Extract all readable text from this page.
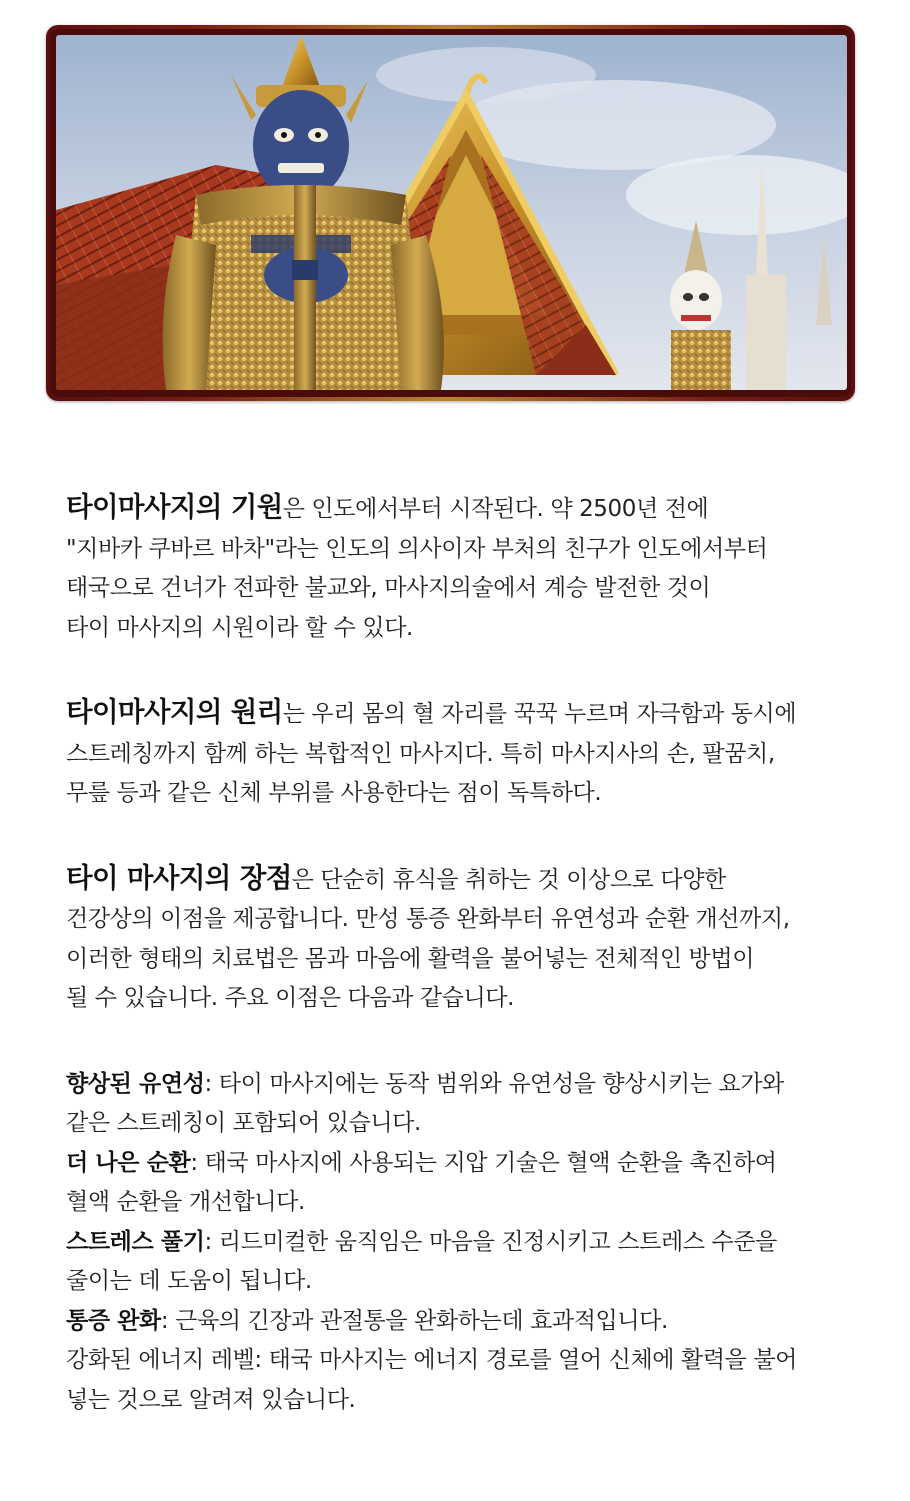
타이마사지의 기원은 인도에서부터 시작된다. 약 2500년 전에
"지바카 쿠바르 바차"라는 인도의 의사이자 부처의 친구가 인도에서부터
태국으로 건너가 전파한 불교와, 마사지의술에서 계승 발전한 것이
타이 마사지의 시원이라 할 수 있다.

타이마사지의 원리는 우리 몸의 혈 자리를 꾹꾹 누르며 자극함과 동시에
스트레칭까지 함께 하는 복합적인 마사지다. 특히 마사지사의 손, 팔꿈치,
무릎 등과 같은 신체 부위를 사용한다는 점이 독특하다.

타이 마사지의 장점은 단순히 휴식을 취하는 것 이상으로 다양한
건강상의 이점을 제공합니다. 만성 통증 완화부터 유연성과 순환 개선까지,
이러한 형태의 치료법은 몸과 마음에 활력을 불어넣는 전체적인 방법이
될 수 있습니다. 주요 이점은 다음과 같습니다.

향상된 유연성: 타이 마사지에는 동작 범위와 유연성을 향상시키는 요가와
같은 스트레칭이 포함되어 있습니다.
더 나은 순환: 태국 마사지에 사용되는 지압 기술은 혈액 순환을 촉진하여
혈액 순환을 개선합니다.
스트레스 풀기: 리드미컬한 움직임은 마음을 진정시키고 스트레스 수준을
줄이는 데 도움이 됩니다.
통증 완화: 근육의 긴장과 관절통을 완화하는데 효과적입니다.
강화된 에너지 레벨: 태국 마사지는 에너지 경로를 열어 신체에 활력을 불어
넣는 것으로 알려져 있습니다.
